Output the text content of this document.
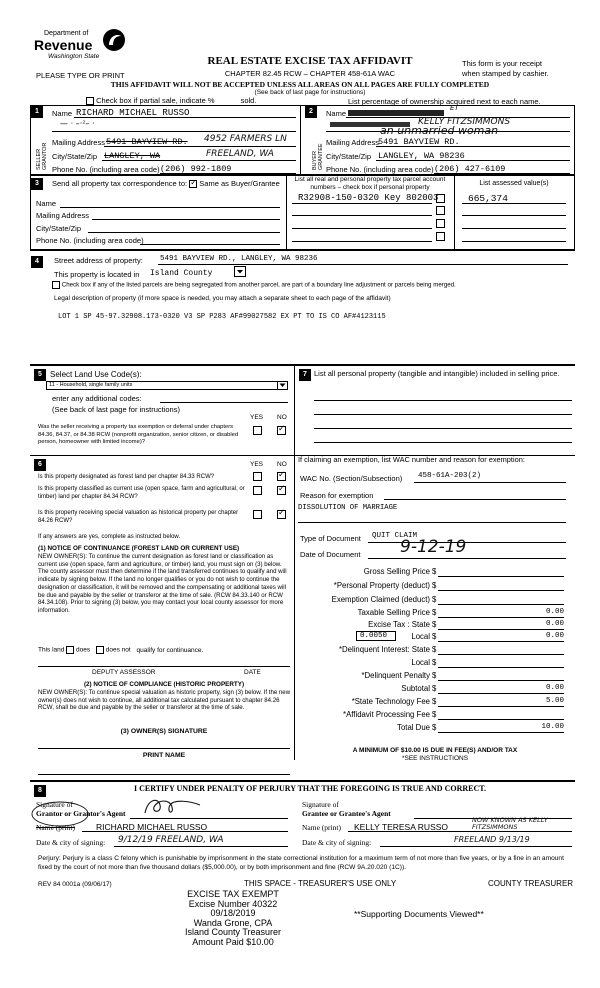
Department of
Revenue
Washington State
PLEASE TYPE OR PRINT
REAL ESTATE EXCISE TAX AFFIDAVIT
CHAPTER 82.45 RCW – CHAPTER 458-61A WAC
This form is your receipt
when stamped by cashier.
THIS AFFIDAVIT WILL NOT BE ACCEPTED UNLESS ALL AREAS ON ALL PAGES ARE FULLY COMPLETED
(See back of last page for instructions)
Check box if partial sale, indicate %	sold.	List percentage of ownership acquired next to each name.
1	2
SELLER GRANTOR	BUYER GRANTEE
Name RICHARD MICHAEL RUSSO
— · –·¹– ·
Mailing Address 5491 BAYVIEW RD. 4952 FARMERS LN
City/State/Zip LANGLEY, WA	FREELAND, WA
Phone No. (including area code) (206) 992-1809
Name
ET
KELLY FITZSIMMONS
an unmarried woman
Mailing Address 5491 BAYVIEW RD.
City/State/Zip LANGLEY, WA 98236
Phone No. (including area code) (206) 427-6109
3	Send all property tax correspondence to: ✓ Same as Buyer/Grantee
Name
Mailing Address
City/State/Zip
Phone No. (including area code)
List all real and personal property tax parcel account numbers – check box if personal property
List assessed value(s)
R32908-150-0320 Key 802003	665,374
4	Street address of property: 5491 BAYVIEW RD., LANGLEY, WA 98236
This property is located in Island County
Check box if any of the listed parcels are being segregated from another parcel, are part of a boundary line adjustment or parcels being merged.
Legal description of property (if more space is needed, you may attach a separate sheet to each page of the affidavit)
LOT 1 SP 45-97.32908.173-0320 V3 SP P283 AF#99027582 EX PT TO IS CO AF#4123115
5	Select Land Use Code(s):
11 - Household, single family units
enter any additional codes:
(See back of last page for instructions)
YES NO
Was the seller receiving a property tax exemption or deferral under chapters 84.36, 84.37, or 84.38 RCW (nonprofit organization, senior citizen, or disabled person, homeowner with limited income)?
✓
7 List all personal property (tangible and intangible) included in selling price.
6	YES NO
Is this property designated as forest land per chapter 84.33 RCW?
✓
Is this property classified as current use (open space, farm and agricultural, or timber) land per chapter 84.34 RCW?
✓
Is this property receiving special valuation as historical property per chapter 84.26 RCW?
✓
If any answers are yes, complete as instructed below.
(1) NOTICE OF CONTINUANCE (FOREST LAND OR CURRENT USE)
NEW OWNER(S): To continue the current designation as forest land or classification as current use (open space, farm and agriculture, or timber) land, you must sign on (3) below. The county assessor must then determine if the land transferred continues to qualify and will indicate by signing below. If the land no longer qualifies or you do not wish to continue the designation or classification, it will be removed and the compensating or additional taxes will be due and payable by the seller or transferor at the time of sale. (RCW 84.33.140 or RCW 84.34.108). Prior to signing (3) below, you may contact your local county assessor for more information.
This land does does not qualify for continuance.
DEPUTY ASSESSOR	DATE
(2) NOTICE OF COMPLIANCE (HISTORIC PROPERTY)
NEW OWNER(S): To continue special valuation as historic property, sign (3) below. If the new owner(s) does not wish to continue, all additional tax calculated pursuant to chapter 84.26 RCW, shall be due and payable by the seller or transferor at the time of sale.
(3) OWNER(S) SIGNATURE
PRINT NAME
If claiming an exemption, list WAC number and reason for exemption:
WAC No. (Section/Subsection) 458-61A-203(2)
Reason for exemption
DISSOLUTION OF MARRIAGE
Type of Document QUIT CLAIM
Date of Document 9-12-19
Gross Selling Price $
*Personal Property (deduct) $
Exemption Claimed (deduct) $
Taxable Selling Price $	0.00
Excise Tax : State $	0.00
0.0050	Local $	0.00
*Delinquent Interest: State $
Local $
*Delinquent Penalty $
Subtotal $	0.00
*State Technology Fee $	5.00
*Affidavit Processing Fee $
Total Due $	10.00
A MINIMUM OF $10.00 IS DUE IN FEE(S) AND/OR TAX
*SEE INSTRUCTIONS
8	I CERTIFY UNDER PENALTY OF PERJURY THAT THE FOREGOING IS TRUE AND CORRECT.
Signature of
Grantor or Grantor's Agent
Name (print) RICHARD MICHAEL RUSSO
Date & city of signing: 9/12/19 FREELAND, WA
Signature of
Grantee or Grantee's Agent
Name (print) KELLY TERESA RUSSO
NOW KNOWN AS KELLY FITZSIMMONS
Date & city of signing:	FREELAND 9/13/19
Perjury: Perjury is a class C felony which is punishable by imprisonment in the state correctional institution for a maximum term of not more than five years, or by a fine in an amount fixed by the court of not more than five thousand dollars ($5,000.00), or by both imprisonment and fine (RCW 9A.20.020 (1C)).
REV 84 0001a (09/06/17)	THIS SPACE - TREASURER'S USE ONLY	COUNTY TREASURER
EXCISE TAX EXEMPT
Excise Number 40322
09/18/2019
Wanda Grone, CPA
Island County Treasurer
Amount Paid $10.00
**Supporting Documents Viewed**
